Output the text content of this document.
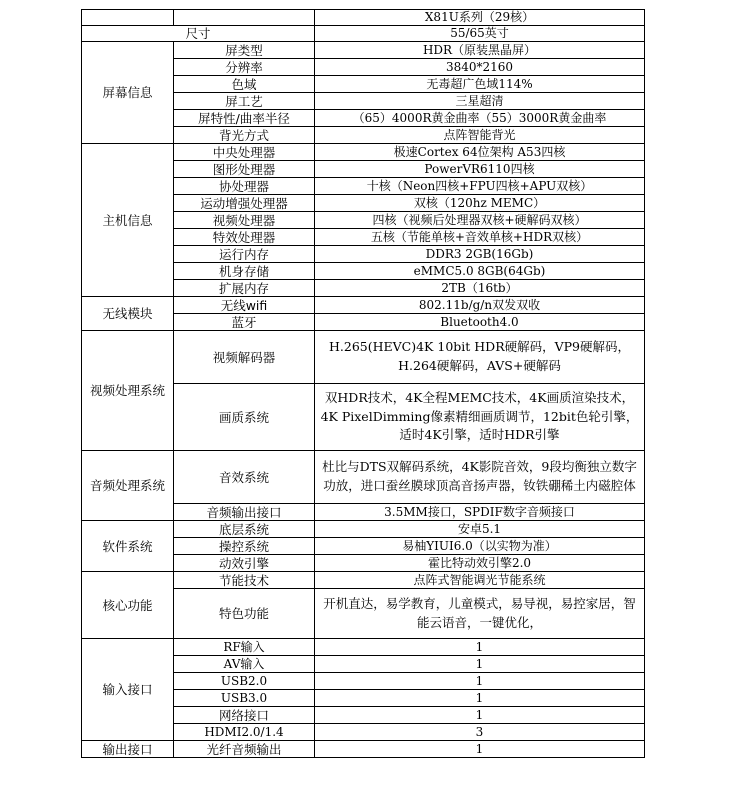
		X81U系列（29核）
尺寸		55/65英寸
屏幕信息	屏类型	HDR（原装黑晶屏）
	分辨率	3840*2160
	色域	无毒超广色域114%
	屏工艺	三星超清
	屏特性/曲率半径	（65）4000R黄金曲率（55）3000R黄金曲率
	背光方式	点阵智能背光
主机信息	中央处理器	极速Cortex 64位架构 A53四核
	图形处理器	PowerVR6110四核
	协处理器	十核（Neon四核+FPU四核+APU双核）
	运动增强处理器	双核（120hz MEMC）
	视频处理器	四核（视频后处理器双核+硬解码双核）
	特效处理器	五核（节能单核+音效单核+HDR双核）
	运行内存	DDR3 2GB(16Gb)
	机身存储	eMMC5.0 8GB(64Gb)
	扩展内存	2TB（16tb）
无线模块	无线wifi	802.11b/g/n双发双收
	蓝牙	Bluetooth4.0
视频处理系统	视频解码器	H.265(HEVC)4K 10bit HDR硬解码，VP9硬解码，H.264硬解码，AVS+硬解码
	画质系统	双HDR技术，4K全程MEMC技术，4K画质渲染技术，4K PixelDimming像素精细画质调节，12bit色轮引擎，适时4K引擎，适时HDR引擎
音频处理系统	音效系统	杜比与DTS双解码系统，4K影院音效，9段均衡独立数字功放，进口蚕丝膜球顶高音扬声器，钕铁硼稀土内磁腔体
	音频输出接口	3.5MM接口，SPDIF数字音频接口
软件系统	底层系统	安卓5.1
	操控系统	易柚YIUI6.0（以实物为准）
	动效引擎	霍比特动效引擎2.0
核心功能	节能技术	点阵式智能调光节能系统
	特色功能	开机直达，易学教育，儿童模式，易导视，易控家居，智能云语音，一键优化，
输入接口	RF输入	1
	AV输入	1
	USB2.0	1
	USB3.0	1
	网络接口	1
	HDMI2.0/1.4	3
输出接口	光纤音频输出	1
